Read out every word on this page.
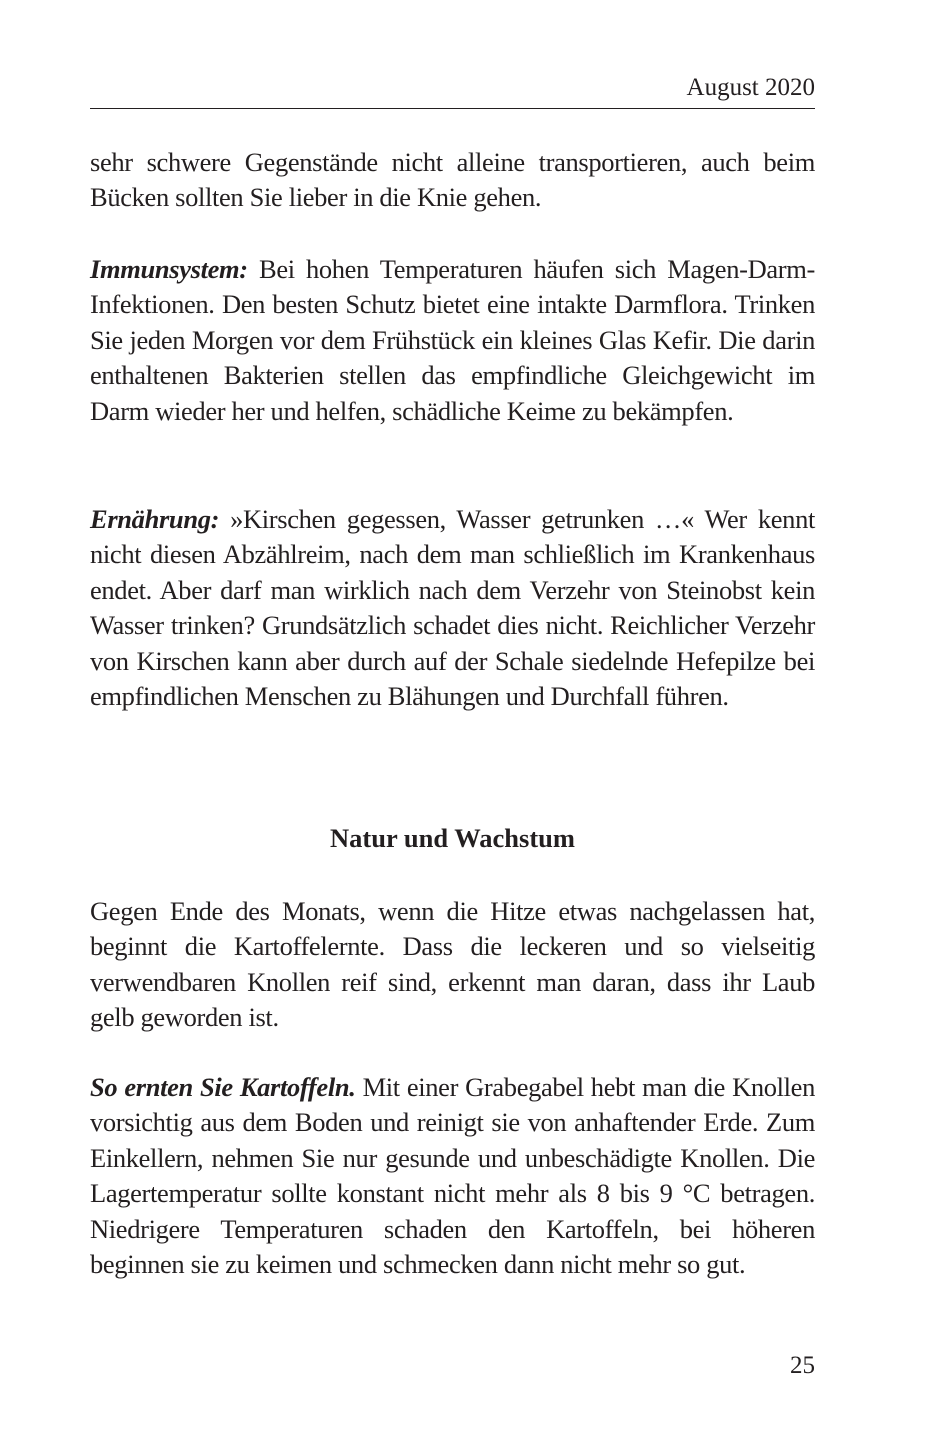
August 2020

sehr schwere Gegenstände nicht alleine transportieren, auch beim Bücken sollten Sie lieber in die Knie gehen.

Immunsystem: Bei hohen Temperaturen häufen sich Magen-Darm-Infektionen. Den besten Schutz bietet eine intakte Darmflora. Trinken Sie jeden Morgen vor dem Frühstück ein kleines Glas Kefir. Die darin enthaltenen Bakterien stellen das empfindliche Gleichgewicht im Darm wieder her und helfen, schädliche Keime zu bekämpfen.

Ernährung: »Kirschen gegessen, Wasser getrunken …« Wer kennt nicht diesen Abzählreim, nach dem man schließlich im Krankenhaus endet. Aber darf man wirklich nach dem Verzehr von Steinobst kein Wasser trinken? Grundsätzlich schadet dies nicht. Reichlicher Verzehr von Kirschen kann aber durch auf der Schale siedelnde Hefepilze bei empfindlichen Menschen zu Blähungen und Durchfall führen.

Natur und Wachstum

Gegen Ende des Monats, wenn die Hitze etwas nachgelassen hat, beginnt die Kartoffelernte. Dass die leckeren und so vielseitig verwendbaren Knollen reif sind, erkennt man daran, dass ihr Laub gelb geworden ist.

So ernten Sie Kartoffeln. Mit einer Grabegabel hebt man die Knollen vorsichtig aus dem Boden und reinigt sie von anhaftender Erde. Zum Einkellern, nehmen Sie nur gesunde und unbeschädigte Knollen. Die Lagertemperatur sollte konstant nicht mehr als 8 bis 9 °C betragen. Niedrigere Temperaturen schaden den Kartoffeln, bei höheren beginnen sie zu keimen und schmecken dann nicht mehr so gut.

25
